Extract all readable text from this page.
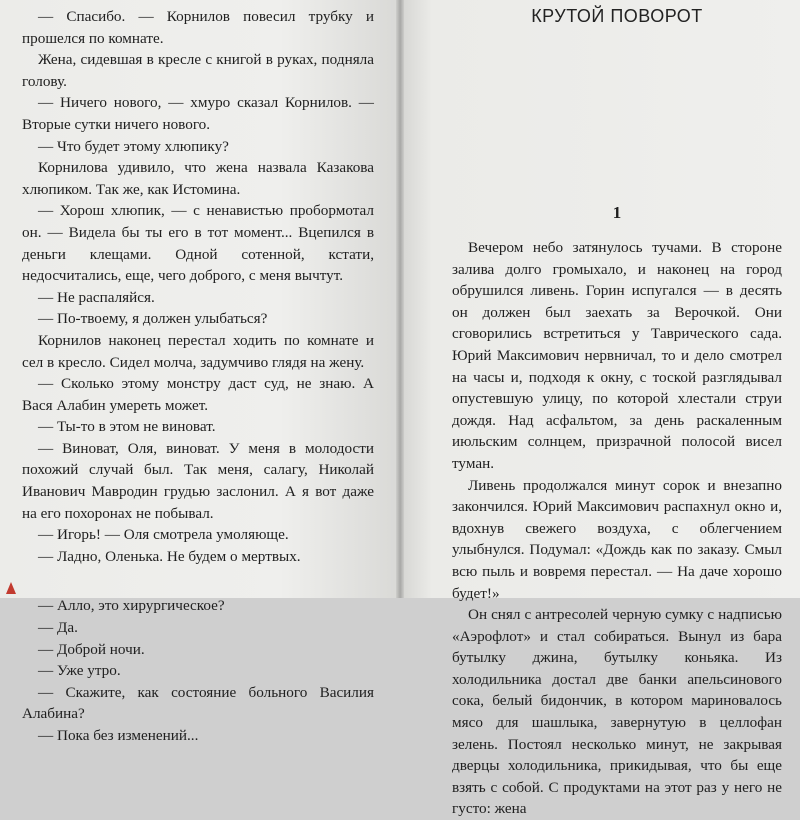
— Спасибо. — Корнилов повесил трубку и прошелся по комнате.

Жена, сидевшая в кресле с книгой в руках, подняла голову.

— Ничего нового, — хмуро сказал Корнилов. — Вторые сутки ничего нового.

— Что будет этому хлюпику?

Корнилова удивило, что жена назвала Казакова хлюпиком. Так же, как Истомина.

— Хорош хлюпик, — с ненавистью пробормотал он. — Видела бы ты его в тот момент... Вцепился в деньги клещами. Одной сотенной, кстати, недосчитались, еще, чего доброго, с меня вычтут.

— Не распаляйся.

— По-твоему, я должен улыбаться?

Корнилов наконец перестал ходить по комнате и сел в кресло. Сидел молча, задумчиво глядя на жену.

— Сколько этому монстру даст суд, не знаю. А Вася Алабин умереть может.

— Ты-то в этом не виноват.

— Виноват, Оля, виноват. У меня в молодости похожий случай был. Так меня, салагу, Николай Иванович Мавродин грудью заслонил. А я вот даже на его похоронах не побывал.

— Игорь! — Оля смотрела умоляюще.

— Ладно, Оленька. Не будем о мертвых.

— Алло, это хирургическое?

— Да.

— Доброй ночи.

— Уже утро.

— Скажите, как состояние больного Василия Алабина?

— Пока без изменений...

КРУТОЙ ПОВОРОТ
1

Вечером небо затянулось тучами. В стороне залива долго громыхало, и наконец на город обрушился ливень. Горин испугался — в десять он должен был заехать за Верочкой. Они сговорились встретиться у Таврического сада. Юрий Максимович нервничал, то и дело смотрел на часы и, подходя к окну, с тоской разглядывал опустевшую улицу, по которой хлестали струи дождя. Над асфальтом, за день раскаленным июльским солнцем, призрачной полосой висел туман.

Ливень продолжался минут сорок и внезапно закончился. Юрий Максимович распахнул окно и, вдохнув свежего воздуха, с облегчением улыбнулся. Подумал: «Дождь как по заказу. Смыл всю пыль и вовремя перестал. — На даче хорошо будет!»

Он снял с антресолей черную сумку с надписью «Аэрофлот» и стал собираться. Вынул из бара бутылку джина, бутылку коньяка. Из холодильника достал две банки апельсинового сока, белый бидончик, в котором мариновалось мясо для шашлыка, завернутую в целлофан зелень. Постоял несколько минут, не закрывая дверцы холодильника, прикидывая, что бы еще взять с собой. С продуктами на этот раз у него не густо: жена
